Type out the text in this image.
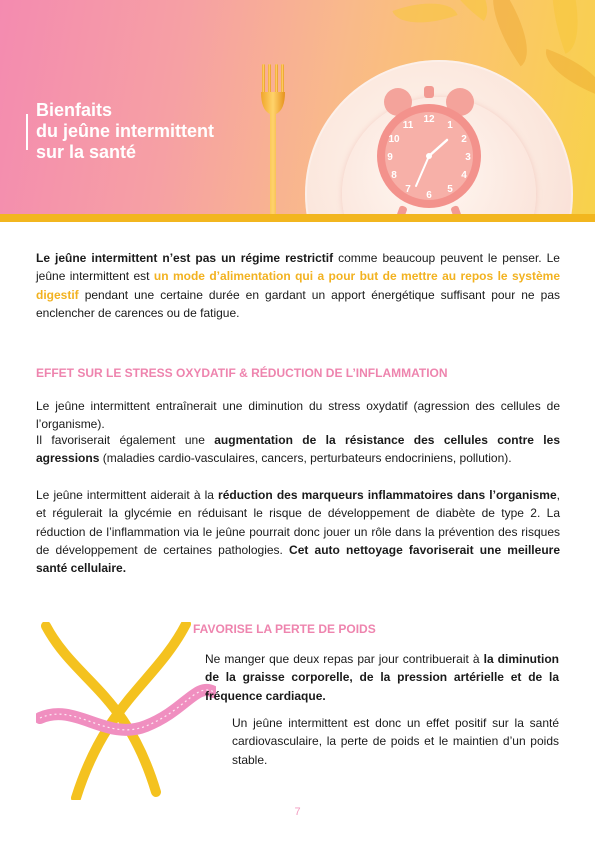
12
1
2
3
4
5
6
7
8
9
10
11
Bienfaits
du jeûne intermittent
sur la santé

Le jeûne intermittent n’est pas un régime restrictif comme beaucoup peuvent le penser. Le jeûne intermittent est un mode d’alimentation qui a pour but de mettre au repos le système digestif pendant une certaine durée en gardant un apport énergétique suffisant pour ne pas enclencher de carences ou de fatigue.

EFFET SUR LE STRESS OXYDATIF & RÉDUCTION DE L’INFLAMMATION

Le jeûne intermittent entraînerait une diminution du stress oxydatif (agression des cellules de l’organisme).

Il favoriserait également une augmentation de la résistance des cellules contre les agressions (maladies cardio-vasculaires, cancers, perturbateurs endocriniens, pollution).

Le jeûne intermittent aiderait à la réduction des marqueurs inflammatoires dans l’organisme, et régulerait la glycémie en réduisant le risque de développement de diabète de type 2. La réduction de l’inflammation via le jeûne pourrait donc jouer un rôle dans la prévention des risques de développement de certaines pathologies. Cet auto nettoyage favoriserait une meilleure santé cellulaire.

FAVORISE LA PERTE DE POIDS

Ne manger que deux repas par jour contribuerait à la diminution de la graisse corporelle, de la pression artérielle et de la fréquence cardiaque.

Un jeûne intermittent est donc un effet positif sur la santé cardiovasculaire, la perte de poids et le maintien d’un poids stable.

7
